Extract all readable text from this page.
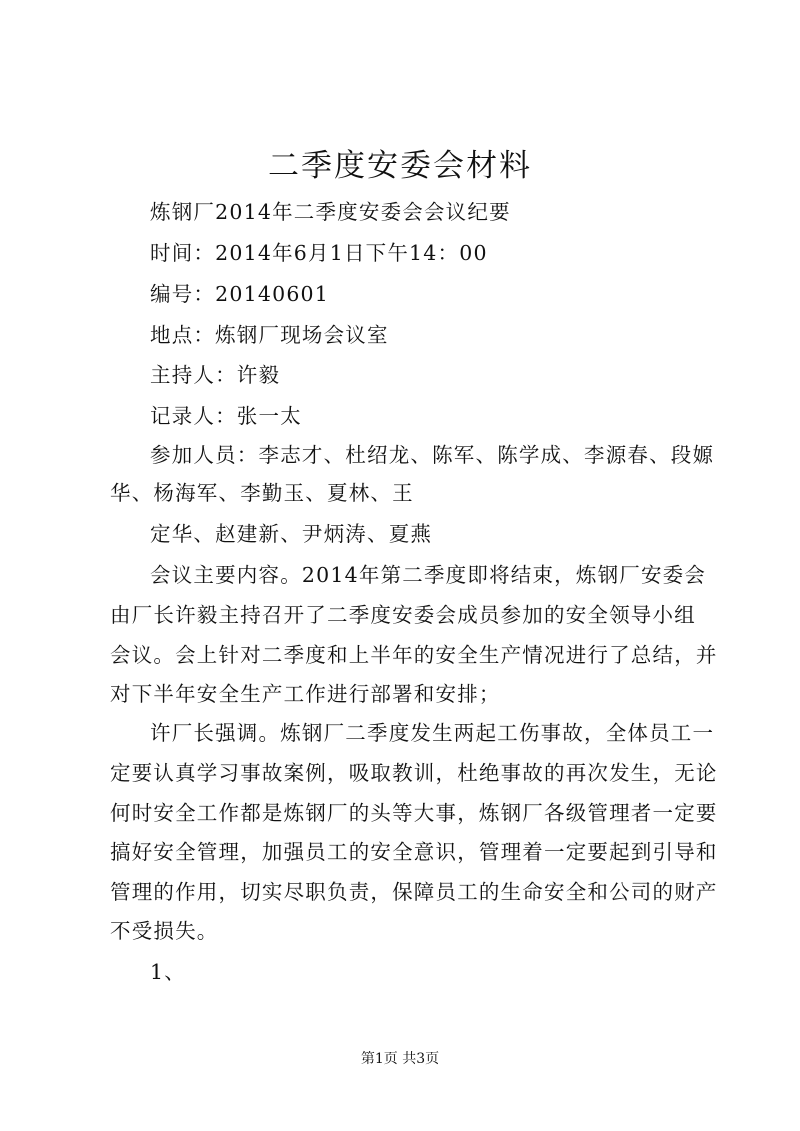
二季度安委会材料
炼钢厂2014年二季度安委会会议纪要
时间：2014年6月1日下午14：00
编号：20140601
地点：炼钢厂现场会议室
主持人：许毅
记录人：张一太
参加人员：李志才、杜绍龙、陈军、陈学成、李源春、段嫄
华、杨海军、李勤玉、夏林、王
定华、赵建新、尹炳涛、夏燕
会议主要内容。2014年第二季度即将结束，炼钢厂安委会
由厂长许毅主持召开了二季度安委会成员参加的安全领导小组
会议。会上针对二季度和上半年的安全生产情况进行了总结，并
对下半年安全生产工作进行部署和安排；
许厂长强调。炼钢厂二季度发生两起工伤事故，全体员工一
定要认真学习事故案例，吸取教训，杜绝事故的再次发生，无论
何时安全工作都是炼钢厂的头等大事，炼钢厂各级管理者一定要
搞好安全管理，加强员工的安全意识，管理着一定要起到引导和
管理的作用，切实尽职负责，保障员工的生命安全和公司的财产
不受损失。
1、
第1页 共3页
